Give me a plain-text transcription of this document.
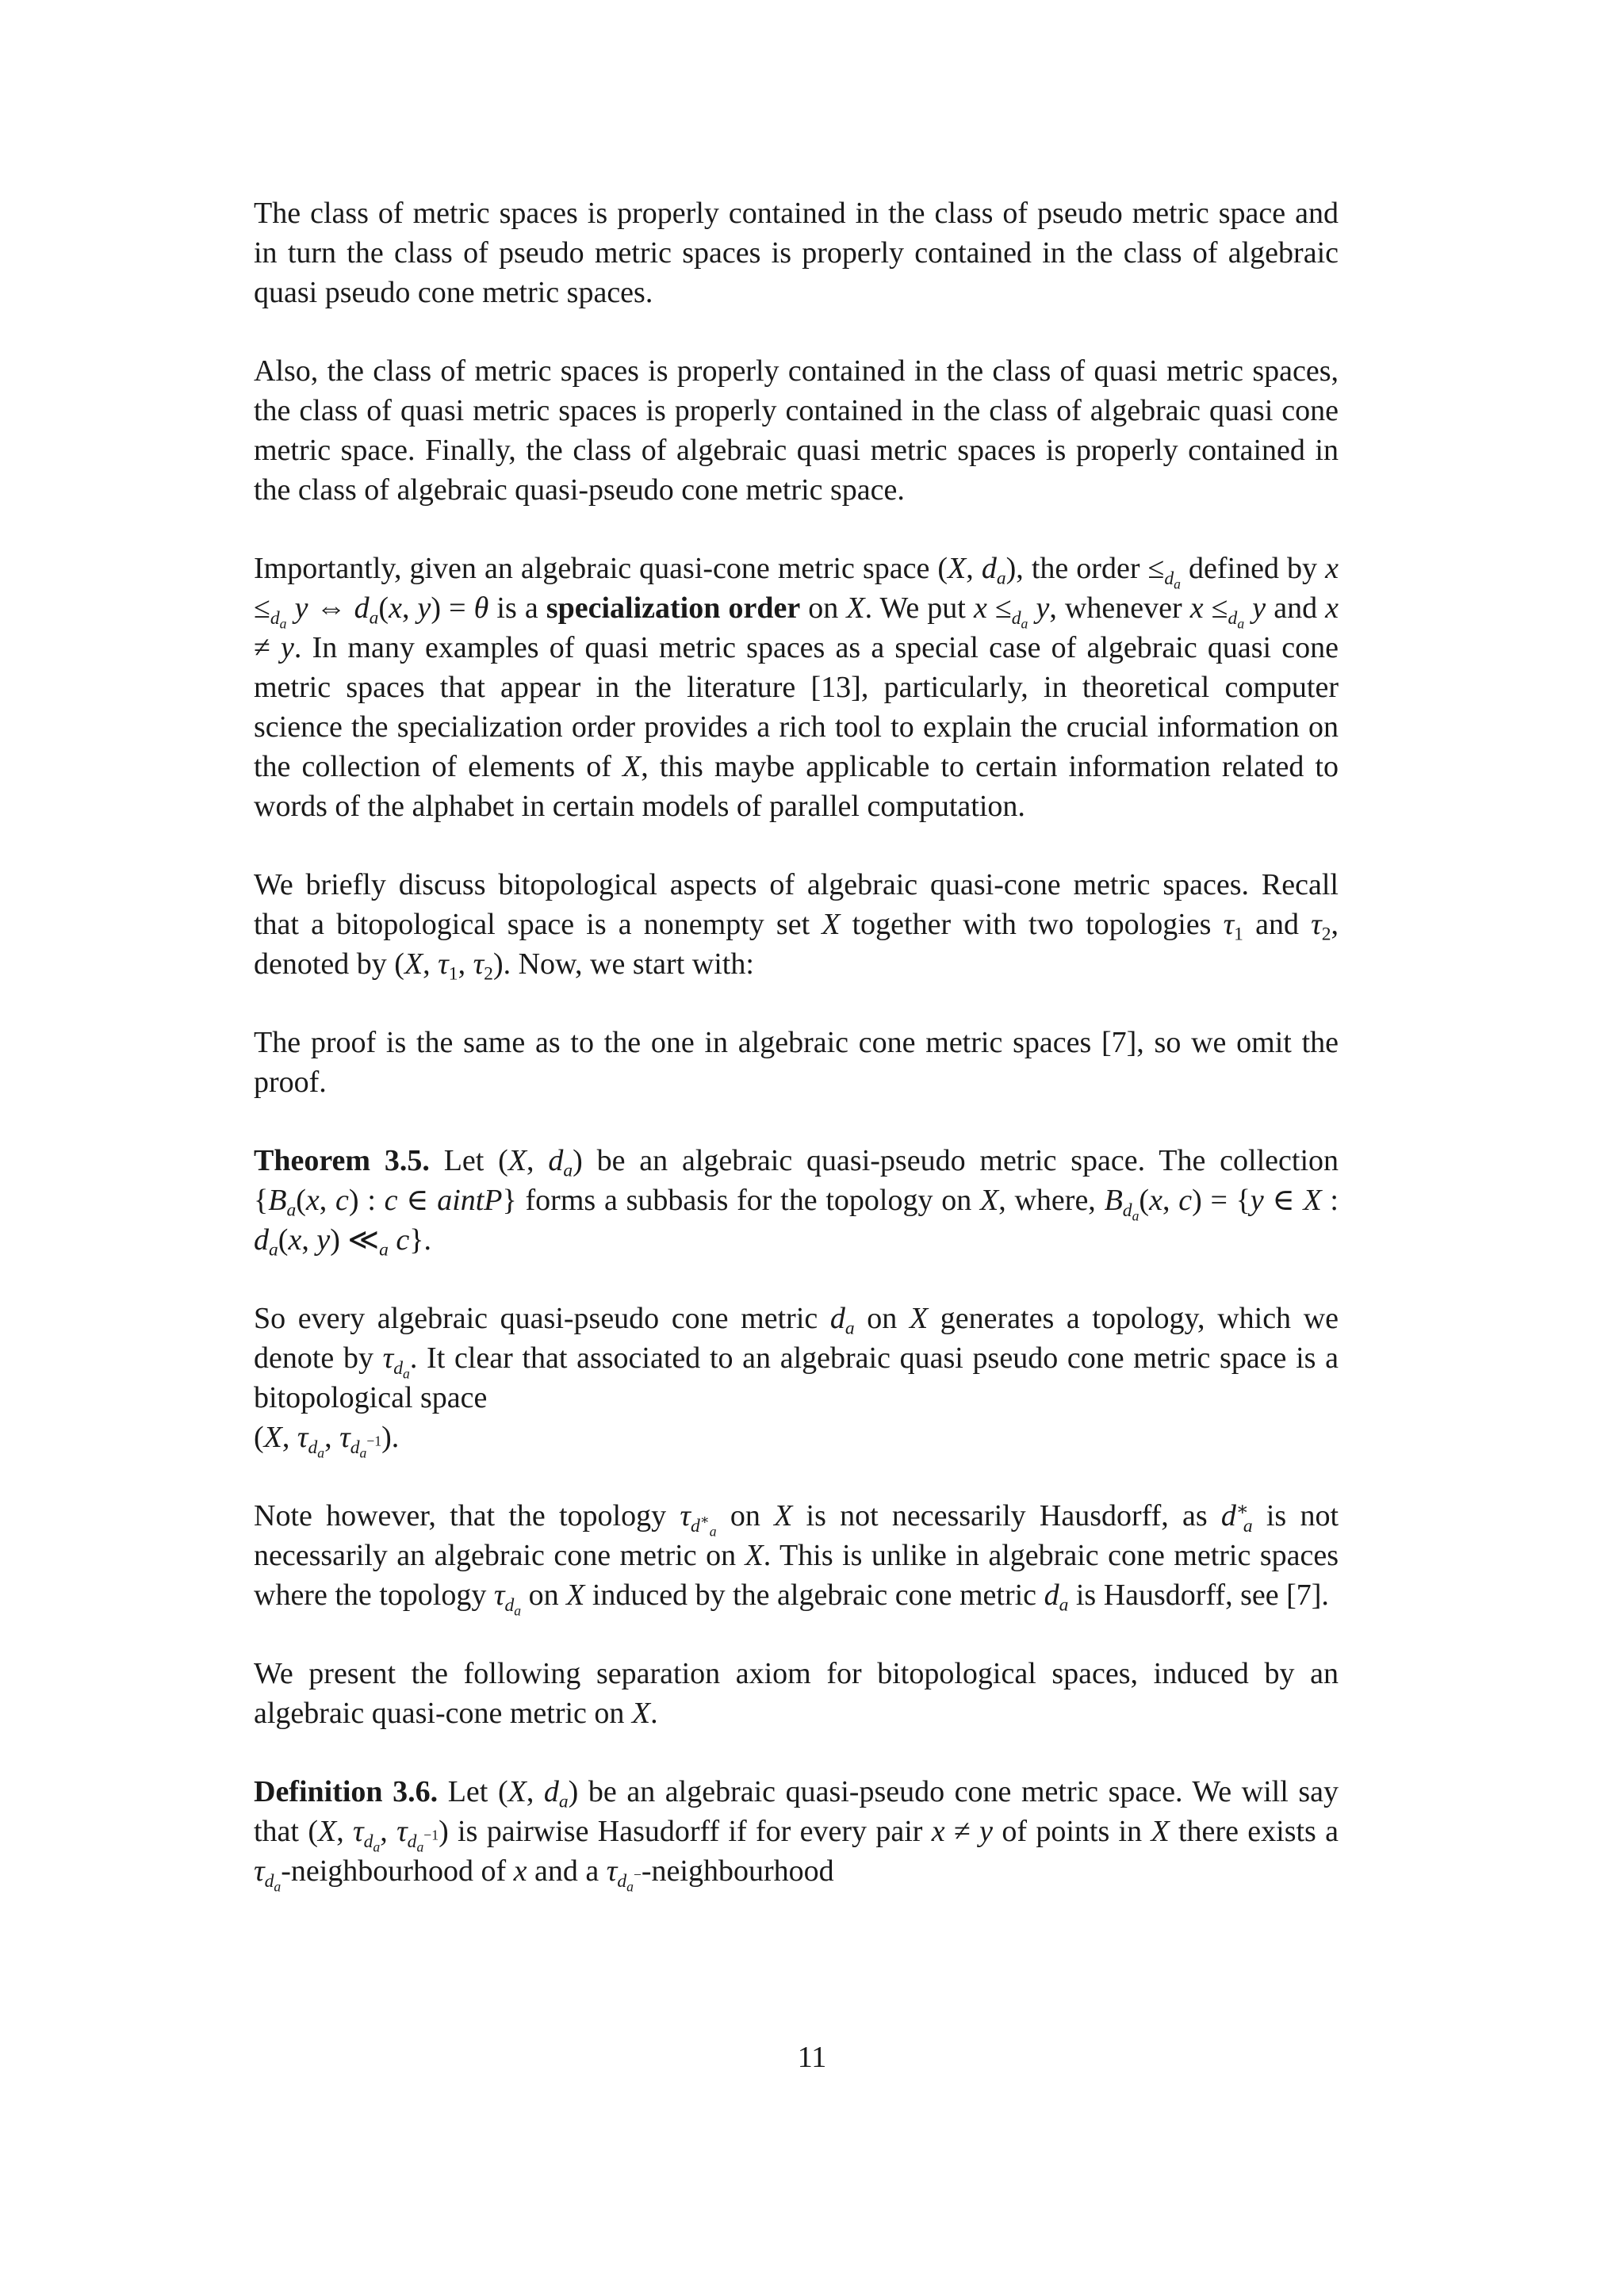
The class of metric spaces is properly contained in the class of pseudo metric space and in turn the class of pseudo metric spaces is properly contained in the class of algebraic quasi pseudo cone metric spaces.

Also, the class of metric spaces is properly contained in the class of quasi metric spaces, the class of quasi metric spaces is properly contained in the class of algebraic quasi cone metric space. Finally, the class of algebraic quasi metric spaces is properly contained in the class of algebraic quasi-pseudo cone metric space.

Importantly, given an algebraic quasi-cone metric space (X, $d_a$), the order $\le_{d_a}$ defined by $x \le_{d_a}$ y ⇔ $d_a(x$, y) = θ is a specialization order on X. We put $x \le_{d_a}$ y, whenever $x \le_{d_a}$ y and x ≠ y. In many examples of quasi metric spaces as a special case of algebraic quasi cone metric spaces that appear in the literature [13], particularly, in theoretical computer science the specialization order provides a rich tool to explain the crucial information on the collection of elements of X, this maybe applicable to certain information related to words of the alphabet in certain models of parallel computation.

We briefly discuss bitopological aspects of algebraic quasi-cone metric spaces. Recall that a bitopological space is a nonempty set X together with two topologies $\tau_1$ and $\tau_2$, denoted by (X, $\tau_1$, $\tau_2$). Now, we start with:

The proof is the same as to the one in algebraic cone metric spaces [7], so we omit the proof.

Theorem 3.5. Let (X, $d_a$) be an algebraic quasi-pseudo metric space. The collection {$B_a(x$, c) : c ∈ aintP} forms a subbasis for the topology on X, where, $B_{d_a}(x$, c) = {y ∈ X : $d_a(x$, y) $≪_a$ c}.

So every algebraic quasi-pseudo cone metric $d_a$ on X generates a topology, which we denote by $\tau_{d_a}$. It clear that associated to an algebraic quasi pseudo cone metric space is a bitopological space
(X, $\tau_{d_a}$, $\tau_{d_a^{-1}}$).

Note however, that the topology $\tau_{d^∗_a}$ on X is not necessarily Hausdorff, as $d^∗_a$ is not necessarily an algebraic cone metric on X. This is unlike in algebraic cone metric spaces where the topology $\tau_{d_a}$ on X induced by the algebraic cone metric $d_a$ is Hausdorff, see [7].

We present the following separation axiom for bitopological spaces, induced by an algebraic quasi-cone metric on X.

Definition 3.6. Let (X, $d_a$) be an algebraic quasi-pseudo cone metric space. We will say that (X, $\tau_{d_a}$, $\tau_{d_a^{-1}}$) is pairwise Hasudorff if for every pair x ≠ y of points in X there exists a $\tau_{d_a}$-neighbourhood of x and a $\tau_{d_a^-}$-neighbourhood

11
